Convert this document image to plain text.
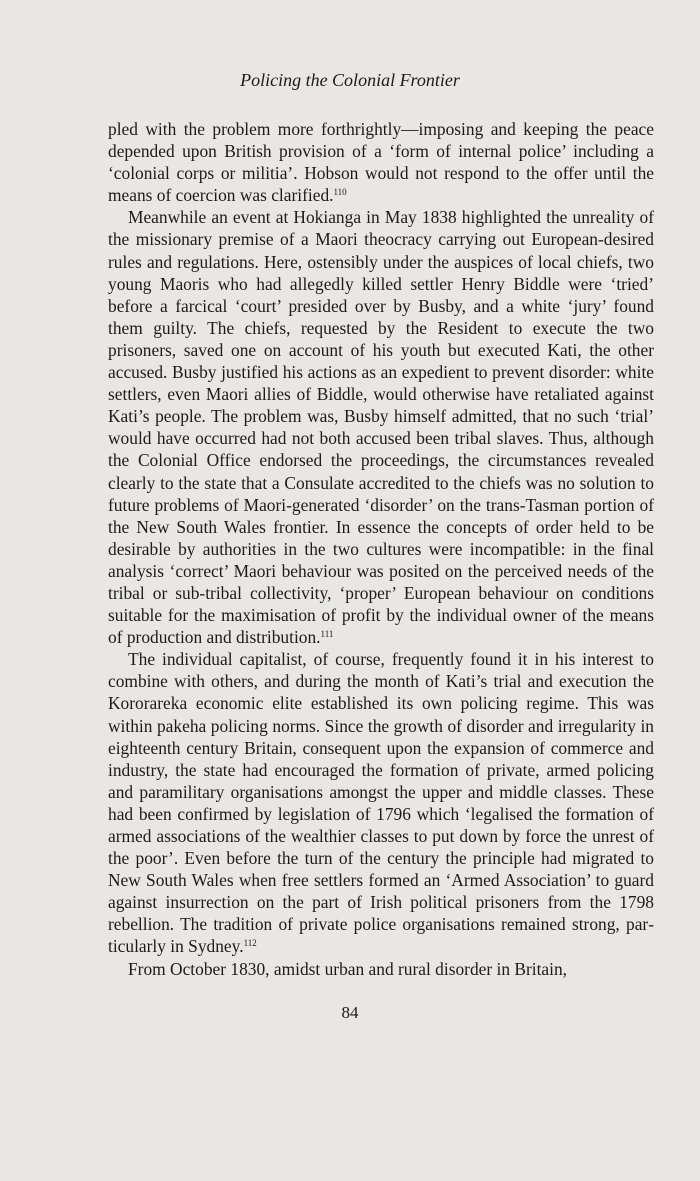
Policing the Colonial Frontier

pled with the problem more forthrightly—imposing and keeping the peace depended upon British provision of a ‘form of internal police’ including a ‘colonial corps or militia’. Hobson would not respond to the offer until the means of coercion was clarified.$^{110}$

Meanwhile an event at Hokianga in May 1838 highlighted the unreality of the missionary premise of a Maori theocracy carrying out European-desired rules and regulations. Here, ostensibly under the auspices of local chiefs, two young Maoris who had allegedly killed settler Henry Biddle were ‘tried’ before a farcical ‘court’ presided over by Busby, and a white ‘jury’ found them guilty. The chiefs, requested by the Resident to execute the two prisoners, saved one on account of his youth but executed Kati, the other accused. Busby justified his actions as an expedient to prevent disorder: white settlers, even Maori allies of Biddle, would otherwise have retaliated against Kati’s people. The problem was, Busby himself admitted, that no such ‘trial’ would have occurred had not both accused been tribal slaves. Thus, although the Colonial Office endorsed the proceedings, the circumstances revealed clearly to the state that a Consulate accredited to the chiefs was no solution to future problems of Maori-generated ‘disorder’ on the trans-Tasman portion of the New South Wales frontier. In essence the concepts of order held to be desirable by authorities in the two cultures were incompatible: in the final analysis ‘correct’ Maori behaviour was posited on the perceived needs of the tribal or sub-tribal collectivity, ‘proper’ European behaviour on conditions suitable for the maximisation of profit by the individual owner of the means of production and distribution.$^{111}$

The individual capitalist, of course, frequently found it in his interest to combine with others, and during the month of Kati’s trial and execution the Kororareka economic elite established its own policing regime. This was within pakeha policing norms. Since the growth of disorder and irregularity in eighteenth century Britain, consequent upon the expansion of commerce and industry, the state had encouraged the formation of private, armed policing and paramilitary organisations amongst the upper and middle classes. These had been confirmed by legislation of 1796 which ‘legalised the formation of armed associations of the wealthier classes to put down by force the unrest of the poor’. Even before the turn of the century the principle had migrated to New South Wales when free settlers formed an ‘Armed Association’ to guard against insurrection on the part of Irish political prisoners from the 1798 rebellion. The tradition of private police organisations remained strong, particularly in Sydney.$^{112}$

From October 1830, amidst urban and rural disorder in Britain,

84
